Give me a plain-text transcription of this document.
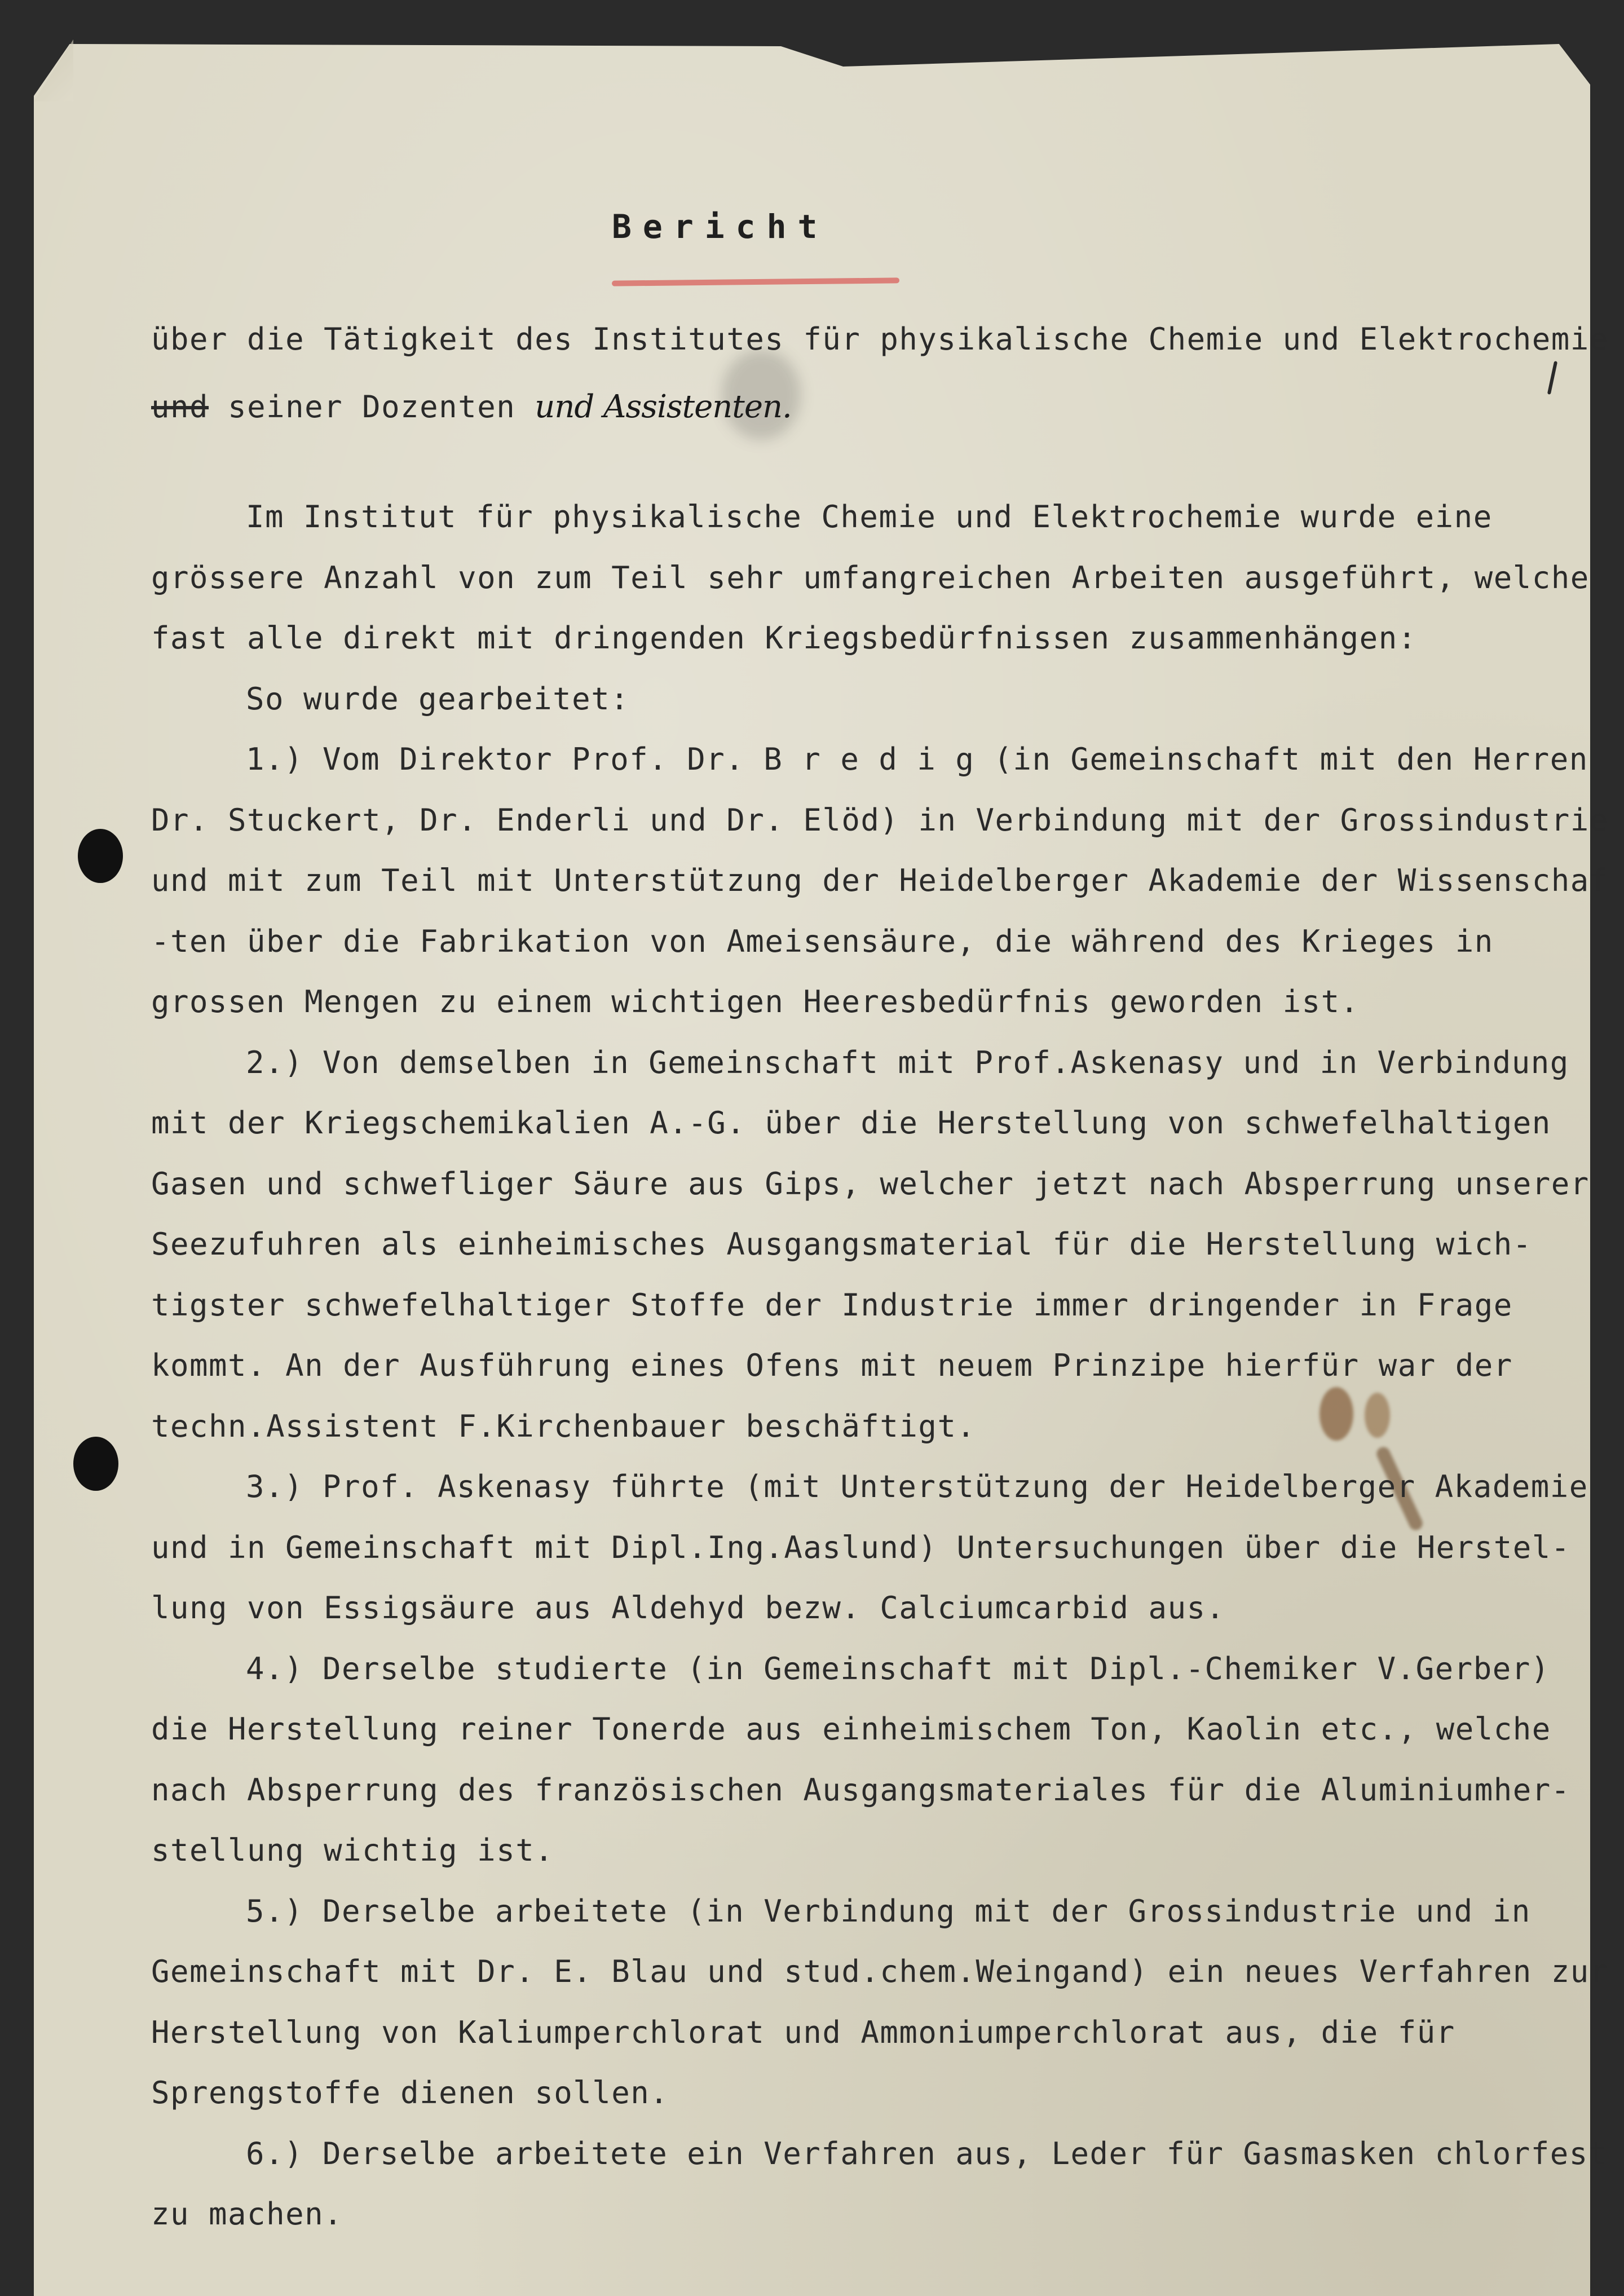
Bericht

über die Tätigkeit des Institutes für physikalische Chemie und Elektrochemie

und seiner Dozenten und Assistenten.

Im Institut für physikalische Chemie und Elektrochemie wurde eine

grössere Anzahl von zum Teil sehr umfangreichen Arbeiten ausgeführt, welche

fast alle direkt mit dringenden Kriegsbedürfnissen zusammenhängen:

So wurde gearbeitet:

1.) Vom Direktor Prof. Dr. B r e d i g (in Gemeinschaft mit den Herren

Dr. Stuckert, Dr. Enderli und Dr. Elöd) in Verbindung mit der Grossindustrie

und mit zum Teil mit Unterstützung der Heidelberger Akademie der Wissenschaf

-ten über die Fabrikation von Ameisensäure, die während des Krieges in

grossen Mengen zu einem wichtigen Heeresbedürfnis geworden ist.

2.) Von demselben in Gemeinschaft mit Prof.Askenasy und in Verbindung

mit der Kriegschemikalien A.-G. über die Herstellung von schwefelhaltigen

Gasen und schwefliger Säure aus Gips, welcher jetzt nach Absperrung unserer

Seezufuhren als einheimisches Ausgangsmaterial für die Herstellung wich-

tigster schwefelhaltiger Stoffe der Industrie immer dringender in Frage

kommt. An der Ausführung eines Ofens mit neuem Prinzipe hierfür war der

techn.Assistent F.Kirchenbauer beschäftigt.

3.) Prof. Askenasy führte (mit Unterstützung der Heidelberger Akademie

und in Gemeinschaft mit Dipl.Ing.Aaslund) Untersuchungen über die Herstel-

lung von Essigsäure aus Aldehyd bezw. Calciumcarbid aus.

4.) Derselbe studierte (in Gemeinschaft mit Dipl.-Chemiker V.Gerber)

die Herstellung reiner Tonerde aus einheimischem Ton, Kaolin etc., welche

nach Absperrung des französischen Ausgangsmateriales für die Aluminiumher-

stellung wichtig ist.

5.) Derselbe arbeitete (in Verbindung mit der Grossindustrie und in

Gemeinschaft mit Dr. E. Blau und stud.chem.Weingand) ein neues Verfahren zur

Herstellung von Kaliumperchlorat und Ammoniumperchlorat aus, die für

Sprengstoffe dienen sollen.

6.) Derselbe arbeitete ein Verfahren aus, Leder für Gasmasken chlorfest

zu machen.
